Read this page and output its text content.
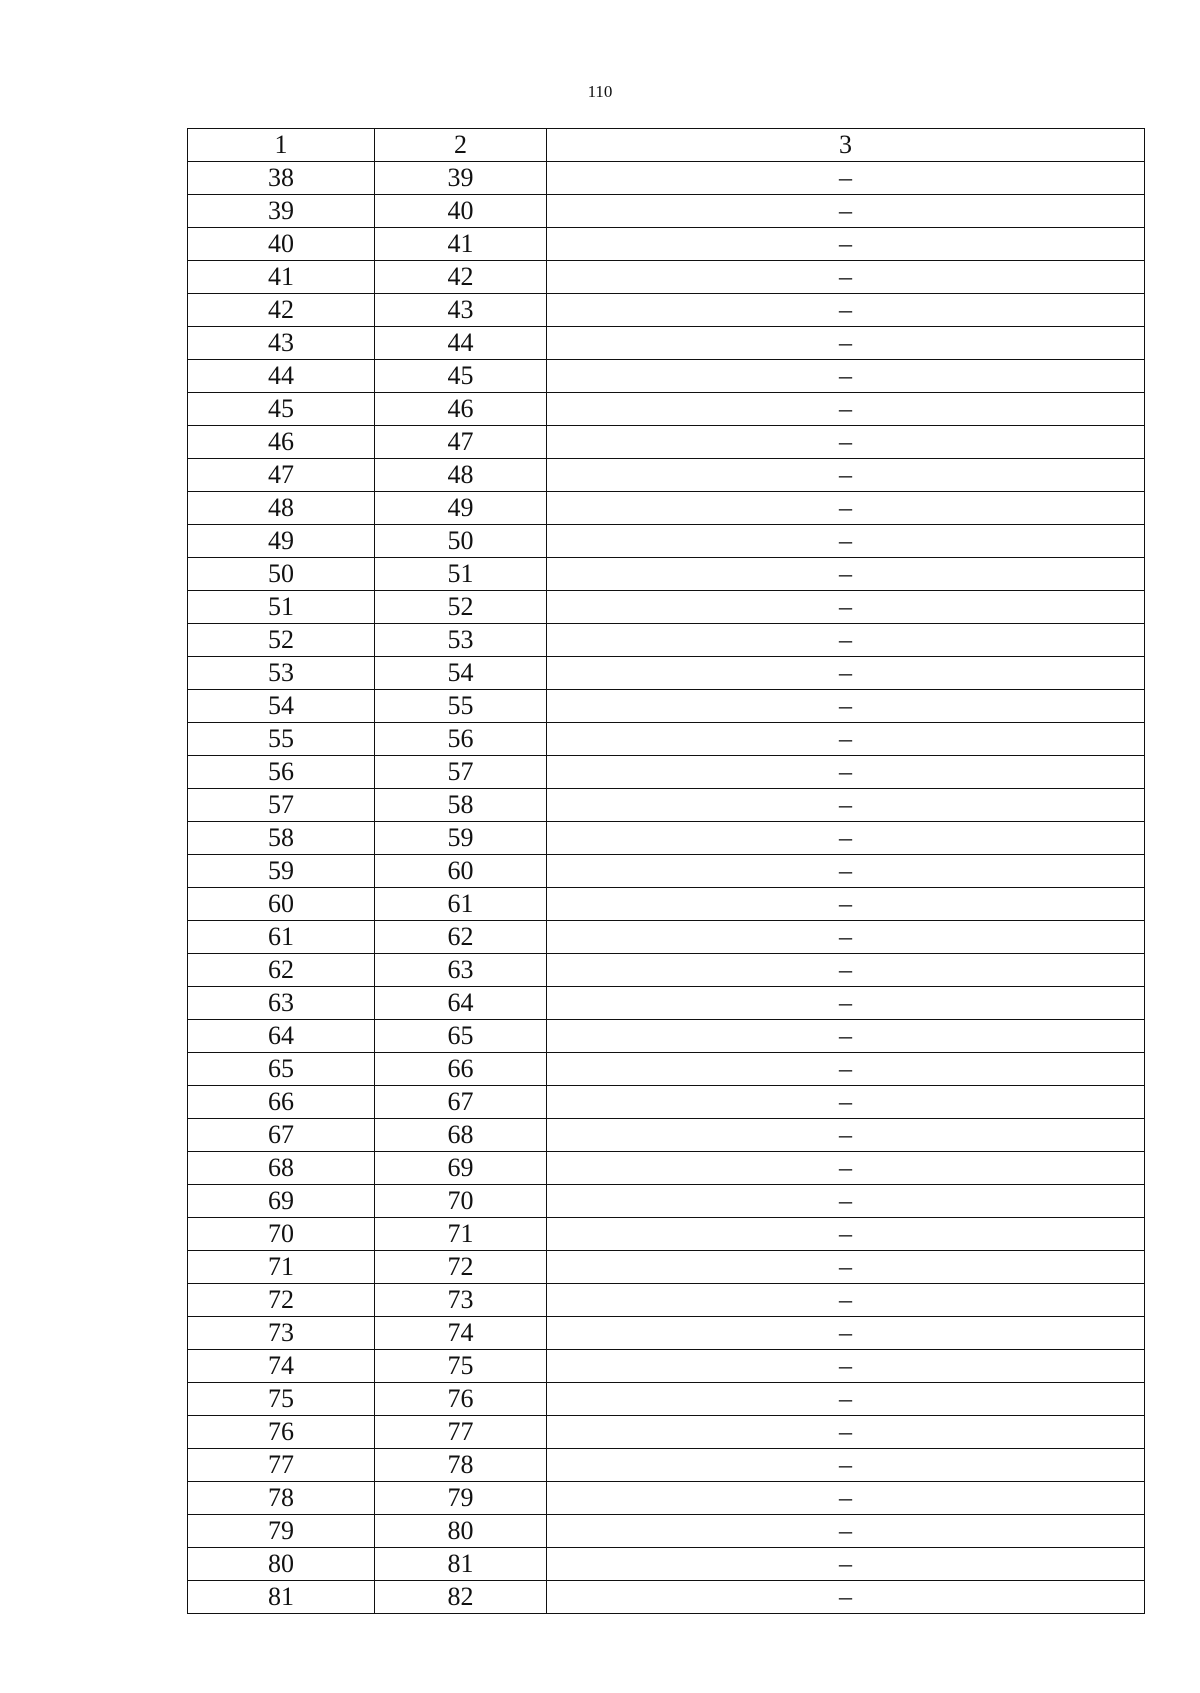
110
1	2	3
38	39	–
39	40	–
40	41	–
41	42	–
42	43	–
43	44	–
44	45	–
45	46	–
46	47	–
47	48	–
48	49	–
49	50	–
50	51	–
51	52	–
52	53	–
53	54	–
54	55	–
55	56	–
56	57	–
57	58	–
58	59	–
59	60	–
60	61	–
61	62	–
62	63	–
63	64	–
64	65	–
65	66	–
66	67	–
67	68	–
68	69	–
69	70	–
70	71	–
71	72	–
72	73	–
73	74	–
74	75	–
75	76	–
76	77	–
77	78	–
78	79	–
79	80	–
80	81	–
81	82	–
